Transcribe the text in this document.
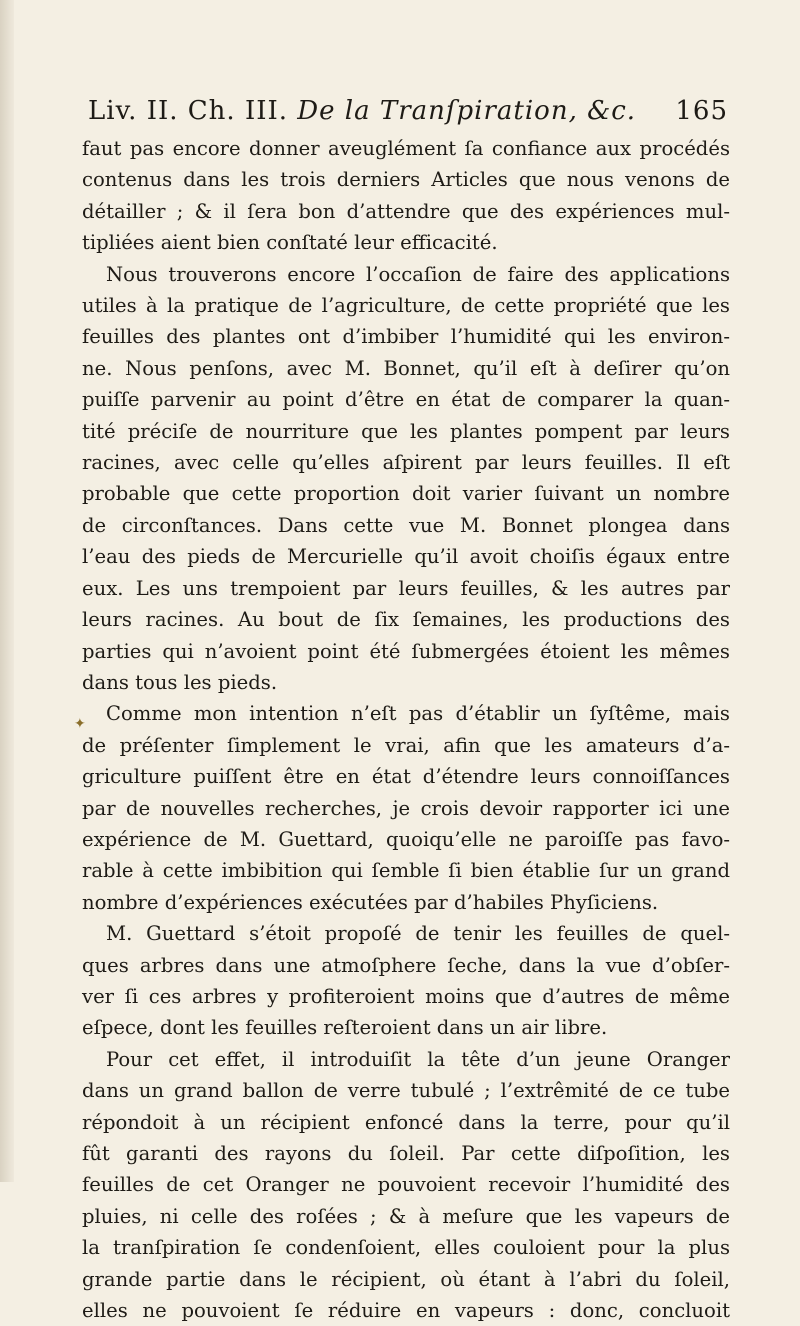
Liv. II. Ch. III. De la Tranſpiration, &c. 165
✦
faut pas encore donner aveuglément ſa confiance aux procédés
contenus dans les trois derniers Articles que nous venons de
détailler ; & il ſera bon d’attendre que des expériences mul-
tipliées aient bien conſtaté leur efficacité.
Nous trouverons encore l’occaſion de faire des applications
utiles à la pratique de l’agriculture, de cette propriété que les
feuilles des plantes ont d’imbiber l’humidité qui les environ-
ne. Nous penſons, avec M. Bonnet, qu’il eſt à deſirer qu’on
puiſſe parvenir au point d’être en état de comparer la quan-
tité préciſe de nourriture que les plantes pompent par leurs
racines, avec celle qu’elles aſpirent par leurs feuilles. Il eſt
probable que cette proportion doit varier ſuivant un nombre
de circonſtances. Dans cette vue M. Bonnet plongea dans
l’eau des pieds de Mercurielle qu’il avoit choiſis égaux entre
eux. Les uns trempoient par leurs feuilles, & les autres par
leurs racines. Au bout de ſix ſemaines, les productions des
parties qui n’avoient point été ſubmergées étoient les mêmes
dans tous les pieds.
Comme mon intention n’eſt pas d’établir un ſyſtême, mais
de préſenter ſimplement le vrai, afin que les amateurs d’a-
griculture puiſſent être en état d’étendre leurs connoiſſances
par de nouvelles recherches, je crois devoir rapporter ici une
expérience de M. Guettard, quoiqu’elle ne paroiſſe pas favo-
rable à cette imbibition qui ſemble ſi bien établie ſur un grand
nombre d’expériences exécutées par d’habiles Phyſiciens.
M. Guettard s’étoit propoſé de tenir les feuilles de quel-
ques arbres dans une atmoſphere ſeche, dans la vue d’obſer-
ver ſi ces arbres y profiteroient moins que d’autres de même
eſpece, dont les feuilles reſteroient dans un air libre.
Pour cet effet, il introduiſit la tête d’un jeune Oranger
dans un grand ballon de verre tubulé ; l’extrêmité de ce tube
répondoit à un récipient enfoncé dans la terre, pour qu’il
fût garanti des rayons du ſoleil. Par cette diſpoſition, les
feuilles de cet Oranger ne pouvoient recevoir l’humidité des
pluies, ni celle des roſées ; & à meſure que les vapeurs de
la tranſpiration ſe condenſoient, elles couloient pour la plus
grande partie dans le récipient, où étant à l’abri du ſoleil,
elles ne pouvoient ſe réduire en vapeurs : donc, concluoit
